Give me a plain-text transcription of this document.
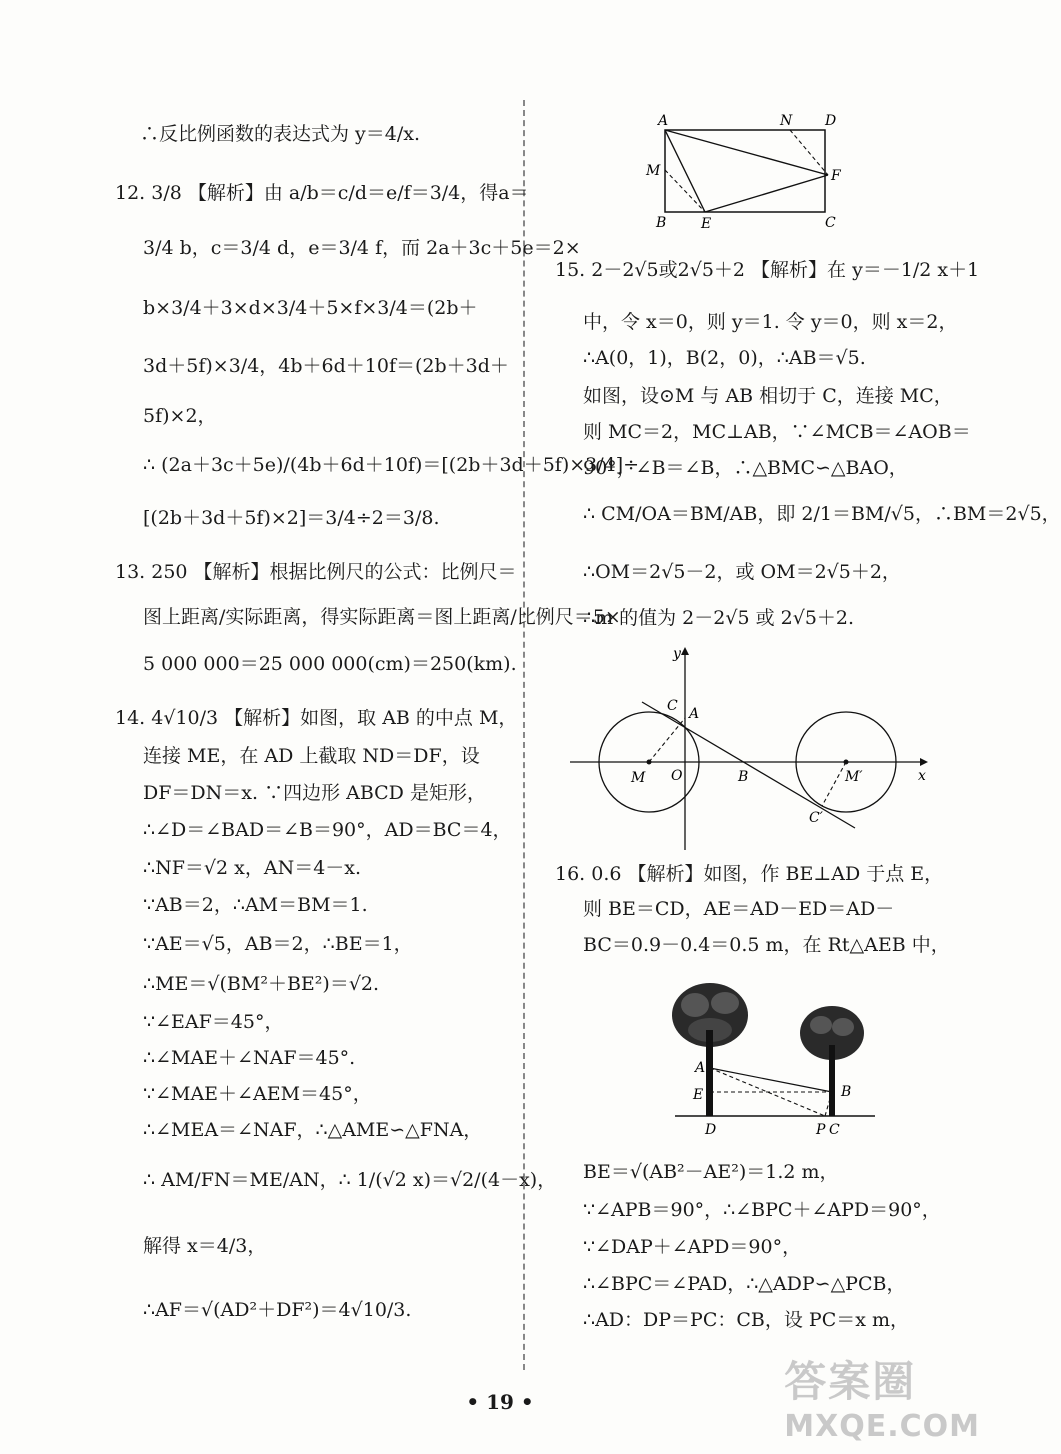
∴反比例函数的表达式为 y＝4/x.
12. 3/8 【解析】由 a/b＝c/d＝e/f＝3/4，得a＝
3/4 b，c＝3/4 d，e＝3/4 f，而 2a＋3c＋5e＝2×
b×3/4＋3×d×3/4＋5×f×3/4＝(2b＋
3d＋5f)×3/4，4b＋6d＋10f＝(2b＋3d＋
5f)×2，
∴ (2a＋3c＋5e)/(4b＋6d＋10f)＝[(2b＋3d＋5f)×3/4]÷
[(2b＋3d＋5f)×2]＝3/4÷2＝3/8.
13. 250 【解析】根据比例尺的公式：比例尺＝
图上距离/实际距离，得实际距离＝图上距离/比例尺＝5×
5 000 000＝25 000 000(cm)＝250(km).
14. 4√10/3 【解析】如图，取 AB 的中点 M，
连接 ME，在 AD 上截取 ND＝DF，设
DF＝DN＝x. ∵四边形 ABCD 是矩形，
∴∠D＝∠BAD＝∠B＝90°，AD＝BC＝4，
∴NF＝√2 x，AN＝4－x.
∵AB＝2，∴AM＝BM＝1.
∵AE＝√5，AB＝2，∴BE＝1，
∴ME＝√(BM²＋BE²)＝√2.
∵∠EAF＝45°，
∴∠MAE＋∠NAF＝45°.
∵∠MAE＋∠AEM＝45°，
∴∠MEA＝∠NAF，∴△AME∽△FNA，
∴ AM/FN＝ME/AN，∴ 1/(√2 x)＝√2/(4－x)，
解得 x＝4/3，
∴AF＝√(AD²＋DF²)＝4√10/3.
A	N D
M	F
B E	C
15. 2－2√5或2√5＋2 【解析】在 y＝－1/2 x＋1
中，令 x＝0，则 y＝1. 令 y＝0，则 x＝2，
∴A(0，1)，B(2，0)，∴AB＝√5.
如图，设⊙M 与 AB 相切于 C，连接 MC，
则 MC＝2，MC⊥AB，∵∠MCB＝∠AOB＝
90°，∠B＝∠B，∴△BMC∽△BAO，
∴ CM/OA＝BM/AB，即 2/1＝BM/√5，∴BM＝2√5，
∴OM＝2√5－2，或 OM＝2√5＋2，
∴m 的值为 2－2√5 或 2√5＋2.
y
C A
M O	B	M′	x
C′
16. 0.6 【解析】如图，作 BE⊥AD 于点 E，
则 BE＝CD，AE＝AD－ED＝AD－
BC＝0.9－0.4＝0.5 m，在 Rt△AEB 中，
A
E	B
D	P C
BE＝√(AB²－AE²)＝1.2 m，
∵∠APB＝90°，∴∠BPC＋∠APD＝90°，
∵∠DAP＋∠APD＝90°，
∴∠BPC＝∠PAD，∴△ADP∽△PCB，
∴AD：DP＝PC：CB，设 PC＝x m，
• 19 •	答案圈
MXQE.COM
